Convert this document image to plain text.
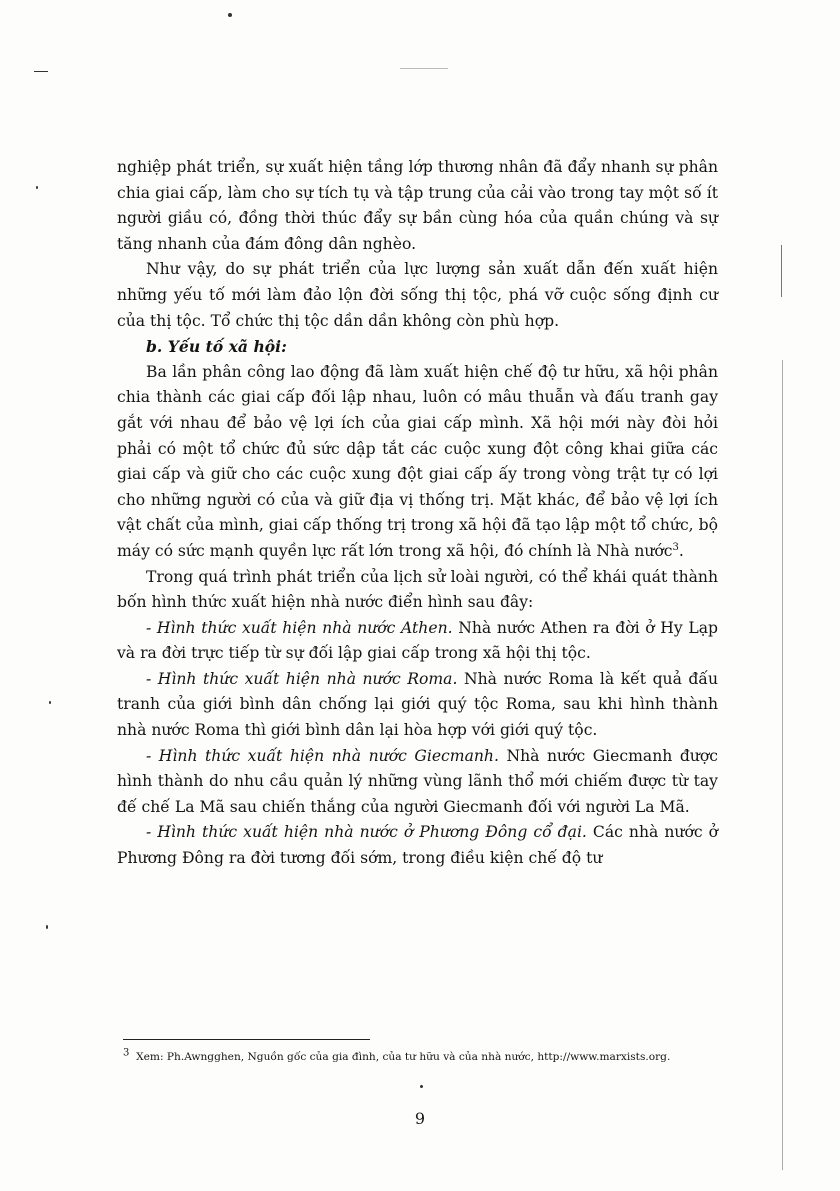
nghiệp phát triển, sự xuất hiện tầng lớp thương nhân đã đẩy nhanh sự phân chia giai cấp, làm cho sự tích tụ và tập trung của cải vào trong tay một số ít người giầu có, đồng thời thúc đẩy sự bần cùng hóa của quần chúng và sự tăng nhanh của đám đông dân nghèo.

Như vậy, do sự phát triển của lực lượng sản xuất dẫn đến xuất hiện những yếu tố mới làm đảo lộn đời sống thị tộc, phá vỡ cuộc sống định cư của thị tộc. Tổ chức thị tộc dần dần không còn phù hợp.

b. Yếu tố xã hội:

Ba lần phân công lao động đã làm xuất hiện chế độ tư hữu, xã hội phân chia thành các giai cấp đối lập nhau, luôn có mâu thuẫn và đấu tranh gay gắt với nhau để bảo vệ lợi ích của giai cấp mình. Xã hội mới này đòi hỏi phải có một tổ chức đủ sức dập tắt các cuộc xung đột công khai giữa các giai cấp và giữ cho các cuộc xung đột giai cấp ấy trong vòng trật tự có lợi cho những người có của và giữ địa vị thống trị. Mặt khác, để bảo vệ lợi ích vật chất của mình, giai cấp thống trị trong xã hội đã tạo lập một tổ chức, bộ máy có sức mạnh quyền lực rất lớn trong xã hội, đó chính là Nhà nước$^3$.

Trong quá trình phát triển của lịch sử loài người, có thể khái quát thành bốn hình thức xuất hiện nhà nước điển hình sau đây:

- Hình thức xuất hiện nhà nước Athen. Nhà nước Athen ra đời ở Hy Lạp và ra đời trực tiếp từ sự đối lập giai cấp trong xã hội thị tộc.

- Hình thức xuất hiện nhà nước Roma. Nhà nước Roma là kết quả đấu tranh của giới bình dân chống lại giới quý tộc Roma, sau khi hình thành nhà nước Roma thì giới bình dân lại hòa hợp với giới quý tộc.

- Hình thức xuất hiện nhà nước Giecmanh. Nhà nước Giecmanh được hình thành do nhu cầu quản lý những vùng lãnh thổ mới chiếm được từ tay đế chế La Mã sau chiến thắng của người Giecmanh đối với người La Mã.

- Hình thức xuất hiện nhà nước ở Phương Đông cổ đại. Các nhà nước ở Phương Đông ra đời tương đối sớm, trong điều kiện chế độ tư

3 Xem: Ph.Awngghen, Nguồn gốc của gia đình, của tư hữu và của nhà nước, http://www.marxists.org.
9
